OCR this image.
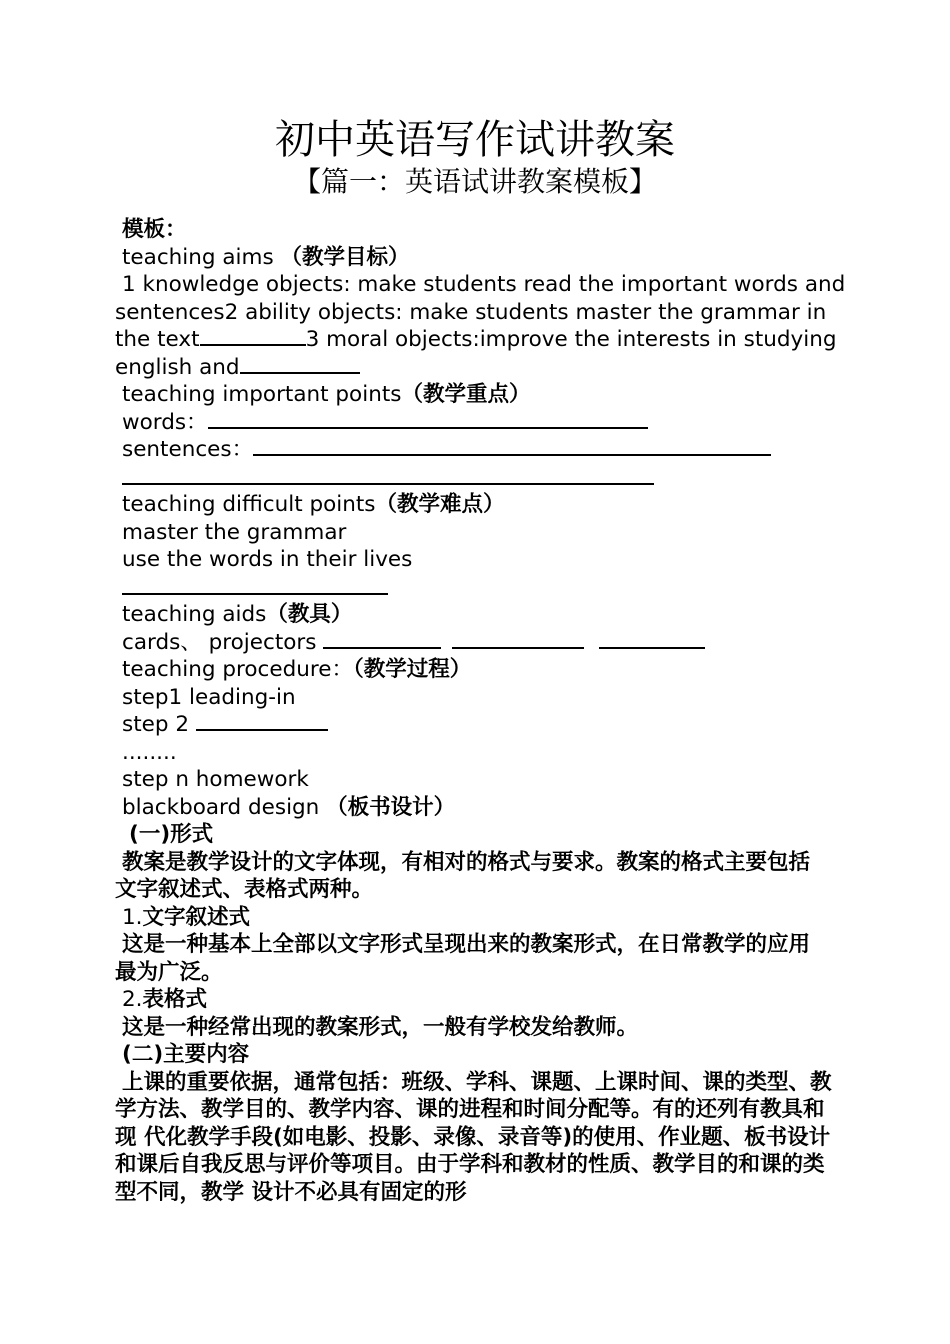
初中英语写作试讲教案
【篇一：英语试讲教案模板】
模板：
teaching aims （教学目标）
1 knowledge objects: make students read the important words and
sentences2 ability objects: make students master the grammar in
the text	3 moral objects:improve the interests in studying
english and
teaching important points（教学重点）
words：
sentences：
teaching difficult points（教学难点）
master the grammar
use the words in their lives
teaching aids（教具）
cards、 projectors
teaching procedure：（教学过程）
step1 leading-in
step 2
........
step n homework
blackboard design （板书设计）
(一)形式
教案是教学设计的文字体现，有相对的格式与要求。教案的格式主要包括文字叙述式、表格式两种。
1.文字叙述式
这是一种基本上全部以文字形式呈现出来的教案形式，在日常教学的应用最为广泛。
2.表格式
这是一种经常出现的教案形式，一般有学校发给教师。
(二)主要内容
上课的重要依据，通常包括：班级、学科、课题、上课时间、课的类型、教学方法、教学目的、教学内容、课的进程和时间分配等。有的还列有教具和现 代化教学手段(如电影、投影、录像、录音等)的使用、作业题、板书设计和课后自我反思与评价等项目。由于学科和教材的性质、教学目的和课的类型不同，教学 设计不必具有固定的形
